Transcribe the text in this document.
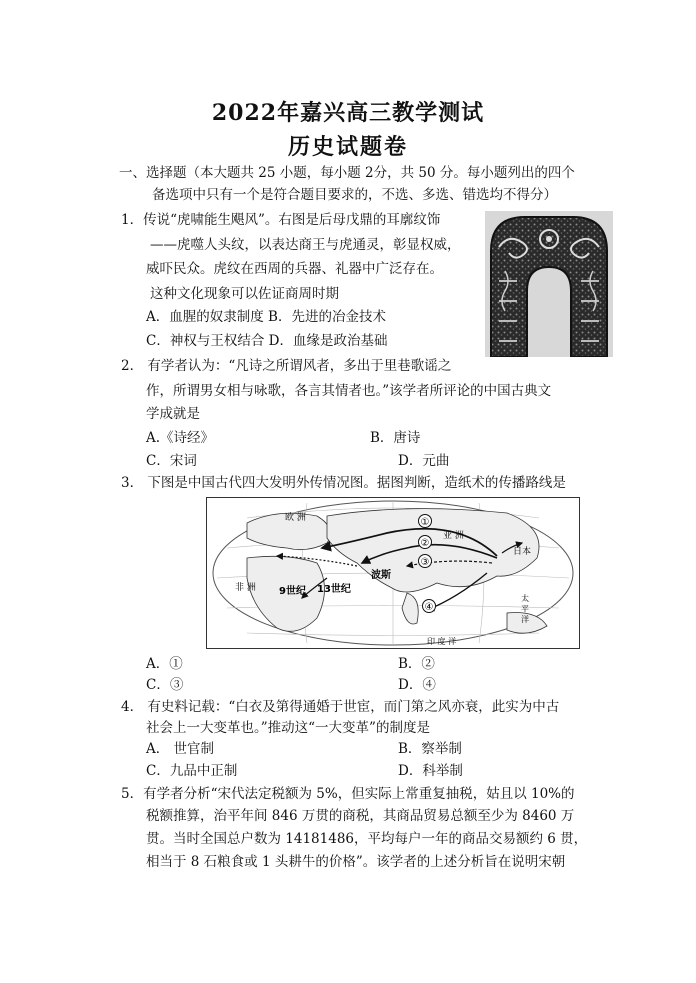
2022年嘉兴高三教学测试
历史试题卷
一、选择题（本大题共 25 小题，每小题 2分，共 50 分。每小题列出的四个
备选项中只有一个是符合题目要求的，不选、多选、错选均不得分）
1．传说“虎啸能生飓风”。右图是后母戊鼎的耳廓纹饰
——虎噬人头纹，以表达商王与虎通灵，彰显权威，
威吓民众。虎纹在西周的兵器、礼器中广泛存在。
这种文化现象可以佐证商周时期
A．血腥的奴隶制度 B．先进的冶金技术
C．神权与王权结合 D．血缘是政治基础
2． 有学者认为：“凡诗之所谓风者，多出于里巷歌谣之
作，所谓男女相与咏歌，各言其情者也。”该学者所评论的中国古典文
学成就是
A.《诗经》	B．唐诗
C．宋词	D．元曲
3． 下图是中国古代四大发明外传情况图。据图判断，造纸术的传播路线是
①
②
③
④
欧 洲
亚 洲
非 洲
波斯
日本
9世纪 13世纪
印 度 洋
太 平 洋
A．①	B．②
C．③	D．④
4． 有史料记载：“白衣及第得通婚于世宦，而门第之风亦衰，此实为中古
社会上一大变革也。”推动这“一大变革”的制度是
A． 世官制	B．察举制
C．九品中正制	D．科举制
5．有学者分析“宋代法定税额为 5%，但实际上常重复抽税，姑且以 10%的
税额推算，治平年间 846 万贯的商税，其商品贸易总额至少为 8460 万
贯。当时全国总户数为 14181486，平均每户一年的商品交易额约 6 贯，
相当于 8 石粮食或 1 头耕牛的价格”。该学者的上述分析旨在说明宋朝
